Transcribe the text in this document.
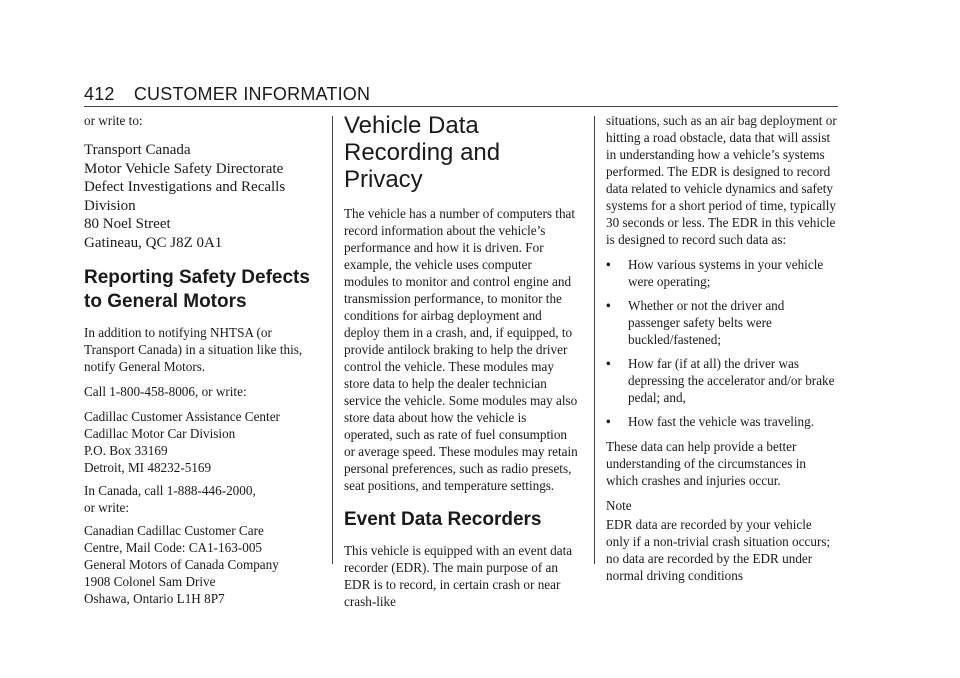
412 CUSTOMER INFORMATION

or write to:

Transport Canada
Motor Vehicle Safety Directorate
Defect Investigations and Recalls
Division
80 Noel Street
Gatineau, QC J8Z 0A1
Reporting Safety Defects to General Motors

In addition to notifying NHTSA (or Transport Canada) in a situation like this, notify General Motors.

Call 1-800-458-8006, or write:

Cadillac Customer Assistance Center
Cadillac Motor Car Division
P.O. Box 33169
Detroit, MI 48232-5169

In Canada, call 1-888-446-2000,
or write:

Canadian Cadillac Customer Care
Centre, Mail Code: CA1-163-005
General Motors of Canada Company
1908 Colonel Sam Drive
Oshawa, Ontario L1H 8P7

Vehicle Data Recording and Privacy

The vehicle has a number of computers that record information about the vehicle’s performance and how it is driven. For example, the vehicle uses computer modules to monitor and control engine and transmission performance, to monitor the conditions for airbag deployment and deploy them in a crash, and, if equipped, to provide antilock braking to help the driver control the vehicle. These modules may store data to help the dealer technician service the vehicle. Some modules may also store data about how the vehicle is operated, such as rate of fuel consumption or average speed. These modules may retain personal preferences, such as radio presets, seat positions, and temperature settings.

Event Data Recorders

This vehicle is equipped with an event data recorder (EDR). The main purpose of an EDR is to record, in certain crash or near crash-like

situations, such as an air bag deployment or hitting a road obstacle, data that will assist in understanding how a vehicle’s systems performed. The EDR is designed to record data related to vehicle dynamics and safety systems for a short period of time, typically 30 seconds or less. The EDR in this vehicle is designed to record such data as:

•	How various systems in your vehicle were operating;
•	Whether or not the driver and passenger safety belts were buckled/fastened;
•	How far (if at all) the driver was depressing the accelerator and/or brake pedal; and,
•	How fast the vehicle was traveling.

These data can help provide a better understanding of the circumstances in which crashes and injuries occur.

Note

EDR data are recorded by your vehicle only if a non-trivial crash situation occurs; no data are recorded by the EDR under normal driving conditions
